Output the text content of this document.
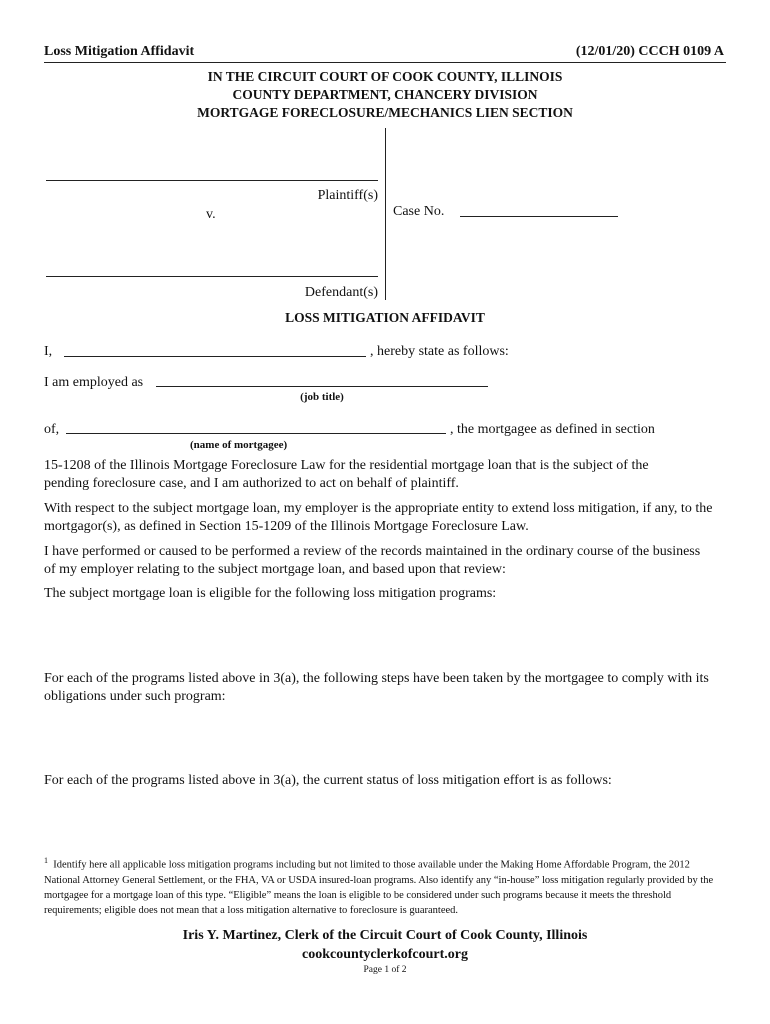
Loss Mitigation Affidavit	(12/01/20) CCCH 0109 A
IN THE CIRCUIT COURT OF COOK COUNTY, ILLINOIS
COUNTY DEPARTMENT, CHANCERY DIVISION
MORTGAGE FORECLOSURE/MECHANICS LIEN SECTION
Plaintiff(s)
v.	Case No.
Defendant(s)
LOSS MITIGATION AFFIDAVIT
I,	, hereby state as follows:
I am employed as
(job title)
of,	, the mortgagee as defined in section
(name of mortgagee)
15-1208 of the Illinois Mortgage Foreclosure Law for the residential mortgage loan that is the subject of the pending foreclosure case, and I am authorized to act on behalf of plaintiff.
With respect to the subject mortgage loan, my employer is the appropriate entity to extend loss mitigation, if any, to the mortgagor(s), as defined in Section 15-1209 of the Illinois Mortgage Foreclosure Law.
I have performed or caused to be performed a review of the records maintained in the ordinary course of the business of my employer relating to the subject mortgage loan, and based upon that review:
The subject mortgage loan is eligible for the following loss mitigation programs:
For each of the programs listed above in 3(a), the following steps have been taken by the mortgagee to comply with its obligations under such program:
For each of the programs listed above in 3(a), the current status of loss mitigation effort is as follows:
$^1$ Identify here all applicable loss mitigation programs including but not limited to those available under the Making Home Affordable Program, the 2012 National Attorney General Settlement, or the FHA, VA or USDA insured-loan programs. Also identify any “in-house” loss mitigation regularly provided by the mortgagee for a mortgage loan of this type. “Eligible” means the loan is eligible to be considered under such programs because it meets the threshold requirements; eligible does not mean that a loss mitigation alternative to foreclosure is guaranteed.
Iris Y. Martinez, Clerk of the Circuit Court of Cook County, Illinois
cookcountyclerkofcourt.org
Page 1 of 2
